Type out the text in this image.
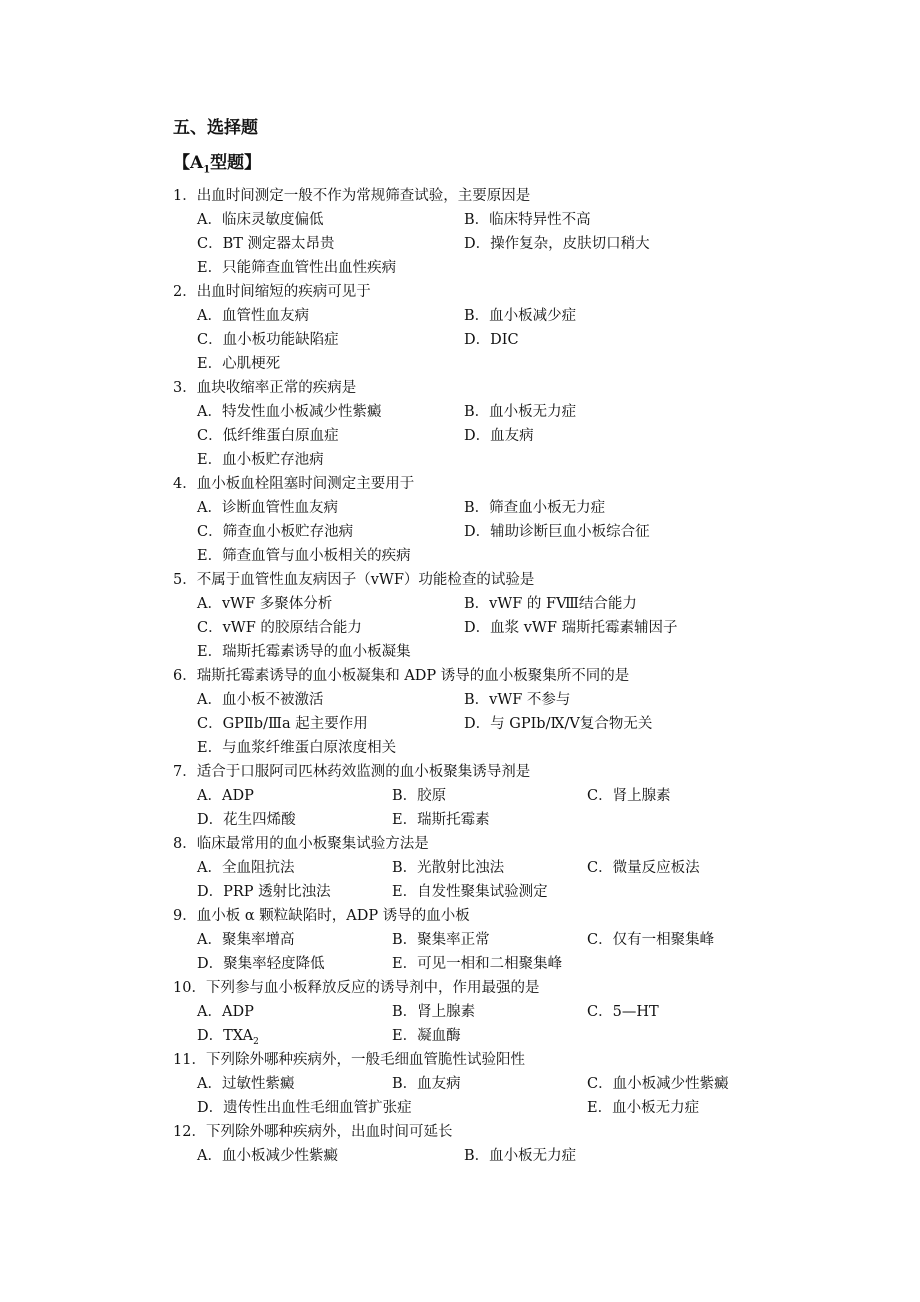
五、选择题
【$A_1$型题】
1．出血时间测定一般不作为常规筛查试验，主要原因是
A．临床灵敏度偏低	B．临床特异性不高
C．BT 测定器太昂贵	D．操作复杂，皮肤切口稍大
E．只能筛查血管性出血性疾病
2．出血时间缩短的疾病可见于
A．血管性血友病	B．血小板减少症
C．血小板功能缺陷症	D．DIC
E．心肌梗死
3．血块收缩率正常的疾病是
A．特发性血小板减少性紫癜	B．血小板无力症
C．低纤维蛋白原血症	D．血友病
E．血小板贮存池病
4．血小板血栓阻塞时间测定主要用于
A．诊断血管性血友病	B．筛查血小板无力症
C．筛查血小板贮存池病	D．辅助诊断巨血小板综合征
E．筛查血管与血小板相关的疾病
5．不属于血管性血友病因子（vWF）功能检查的试验是
A．vWF 多聚体分析	B．vWF 的 FⅧ结合能力
C．vWF 的胶原结合能力	D．血浆 vWF 瑞斯托霉素辅因子
E．瑞斯托霉素诱导的血小板凝集
6．瑞斯托霉素诱导的血小板凝集和 ADP 诱导的血小板聚集所不同的是
A．血小板不被激活	B．vWF 不参与
C．GPⅡb/Ⅲa 起主要作用	D．与 GPⅠb/Ⅸ/Ⅴ复合物无关
E．与血浆纤维蛋白原浓度相关
7．适合于口服阿司匹林药效监测的血小板聚集诱导剂是
A．ADP	B．胶原	C．肾上腺素
D．花生四烯酸	E．瑞斯托霉素
8．临床最常用的血小板聚集试验方法是
A．全血阻抗法	B．光散射比浊法	C．微量反应板法
D．PRP 透射比浊法	E．自发性聚集试验测定
9．血小板 α 颗粒缺陷时，ADP 诱导的血小板
A．聚集率增高	B．聚集率正常	C．仅有一相聚集峰
D．聚集率轻度降低	E．可见一相和二相聚集峰
10．下列参与血小板释放反应的诱导剂中，作用最强的是
A．ADP	B．肾上腺素	C．5—HT
D．$TXA_2$	E．凝血酶
11．下列除外哪种疾病外，一般毛细血管脆性试验阳性
A．过敏性紫癜	B．血友病	C．血小板减少性紫癜
D．遗传性出血性毛细血管扩张症	E．血小板无力症
12．下列除外哪种疾病外，出血时间可延长
A．血小板减少性紫癜	B．血小板无力症
